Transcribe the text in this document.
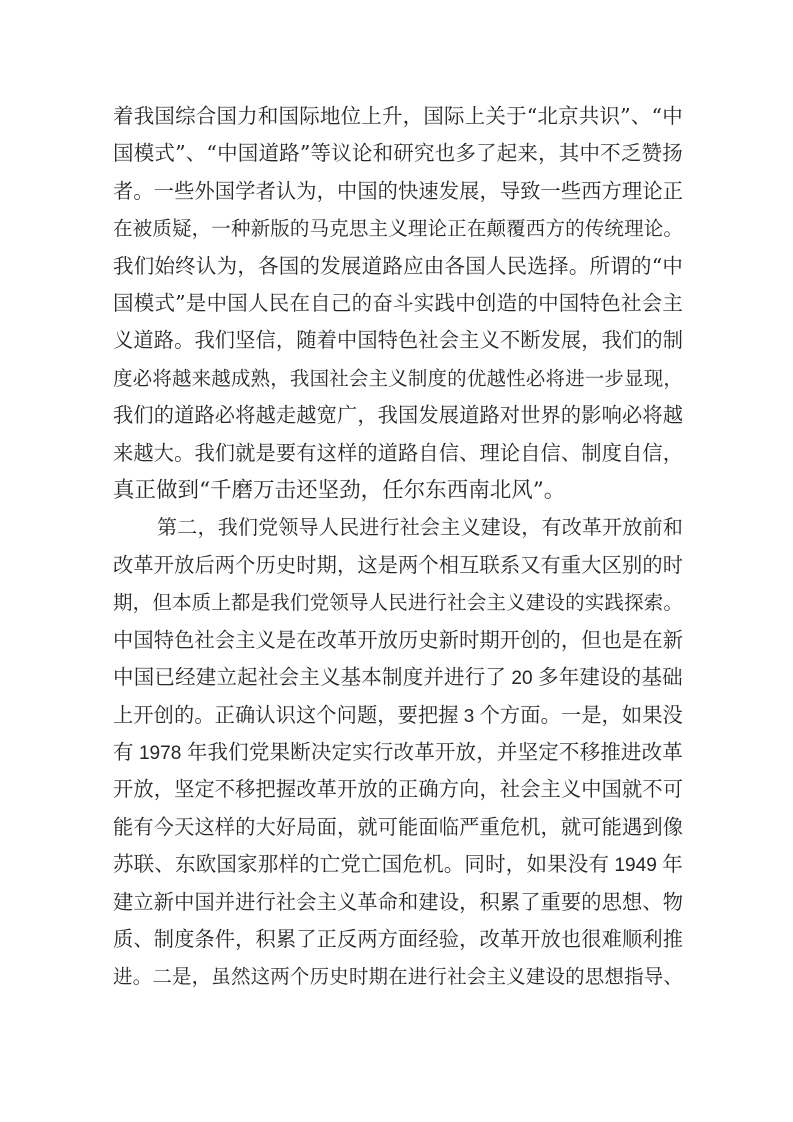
着 我 国 综 合 国 力 和 国 际 地 位 上 升 ， 国 际 上 关 于 “ 北 京 共 识 ” 、 “ 中
国 模 式 ” 、 “ 中 国 道 路 ” 等 议 论 和 研 究 也 多 了 起 来 ， 其 中 不 乏 赞 扬
者 。 一 些 外 国 学 者 认 为 ， 中 国 的 快 速 发 展 ， 导 致 一 些 西 方 理 论 正
在 被 质 疑 ， 一 种 新 版 的 马 克 思 主 义 理 论 正 在 颠 覆 西 方 的 传 统 理 论 。
我 们 始 终 认 为 ， 各 国 的 发 展 道 路 应 由 各 国 人 民 选 择 。 所 谓 的 “ 中
国 模 式 ” 是 中 国 人 民 在 自 己 的 奋 斗 实 践 中 创 造 的 中 国 特 色 社 会 主
义 道 路 。 我 们 坚 信 ， 随 着 中 国 特 色 社 会 主 义 不 断 发 展 ， 我 们 的 制
度 必 将 越 来 越 成 熟 ， 我 国 社 会 主 义 制 度 的 优 越 性 必 将 进 一 步 显 现 ，
我 们 的 道 路 必 将 越 走 越 宽 广 ， 我 国 发 展 道 路 对 世 界 的 影 响 必 将 越
来 越 大 。 我 们 就 是 要 有 这 样 的 道 路 自 信 、 理 论 自 信 、 制 度 自 信 ，
真 正 做 到 “ 千 磨 万 击 还 坚 劲 ， 任 尔 东 西 南 北 风 ” 。
第 二 ， 我 们 党 领 导 人 民 进 行 社 会 主 义 建 设 ， 有 改 革 开 放 前 和
改 革 开 放 后 两 个 历 史 时 期 ， 这 是 两 个 相 互 联 系 又 有 重 大 区 别 的 时
期 ， 但 本 质 上 都 是 我 们 党 领 导 人 民 进 行 社 会 主 义 建 设 的 实 践 探 索 。
中 国 特 色 社 会 主 义 是 在 改 革 开 放 历 史 新 时 期 开 创 的 ， 但 也 是 在 新
中 国 已 经 建 立 起 社 会 主 义 基 本 制 度 并 进 行 了 20 多 年 建 设 的 基 础
上 开 创 的 。 正 确 认 识 这 个 问 题 ， 要 把 握 3 个 方 面 。 一 是 ， 如 果 没
有 1978 年 我 们 党 果 断 决 定 实 行 改 革 开 放 ， 并 坚 定 不 移 推 进 改 革
开 放 ， 坚 定 不 移 把 握 改 革 开 放 的 正 确 方 向 ， 社 会 主 义 中 国 就 不 可
能 有 今 天 这 样 的 大 好 局 面 ， 就 可 能 面 临 严 重 危 机 ， 就 可 能 遇 到 像
苏 联 、 东 欧 国 家 那 样 的 亡 党 亡 国 危 机 。 同 时 ， 如 果 没 有 1949 年
建 立 新 中 国 并 进 行 社 会 主 义 革 命 和 建 设 ， 积 累 了 重 要 的 思 想 、 物
质 、 制 度 条 件 ， 积 累 了 正 反 两 方 面 经 验 ， 改 革 开 放 也 很 难 顺 利 推
进 。 二 是 ， 虽 然 这 两 个 历 史 时 期 在 进 行 社 会 主 义 建 设 的 思 想 指 导 、
